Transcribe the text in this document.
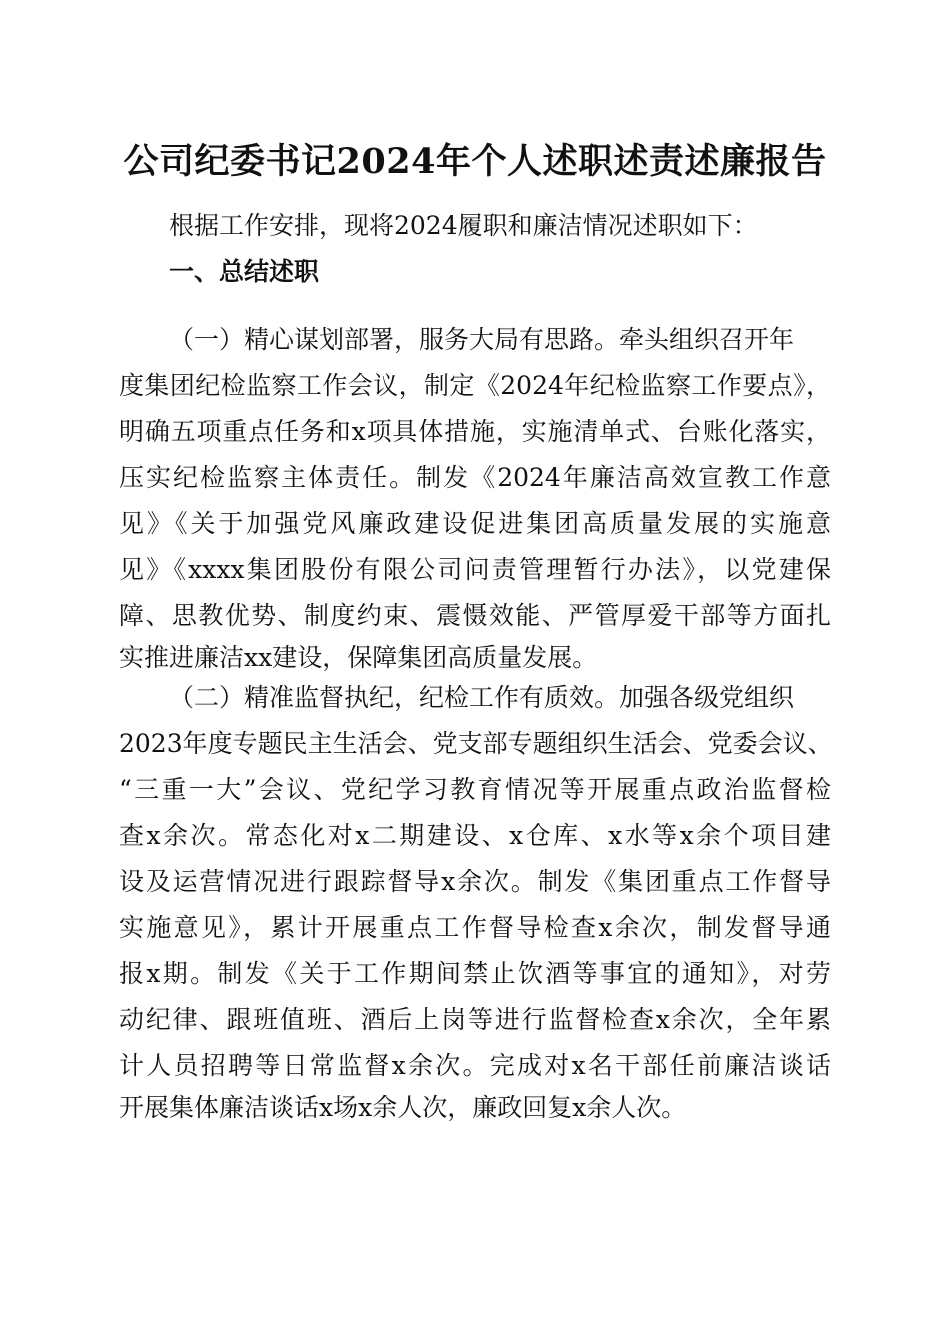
公司纪委书记2024年个人述职述责述廉报告
根据工作安排，现将2024履职和廉洁情况述职如下：
一、总结述职
（一）精心谋划部署，服务大局有思路。牵头组织召开年
度集团纪检监察工作会议，制定《2024年纪检监察工作要点》，
明确五项重点任务和x项具体措施，实施清单式、台账化落实，
压实纪检监察主体责任。制发《2024年廉洁高效宣教工作意
见》《关于加强党风廉政建设促进集团高质量发展的实施意
见》《xxxx集团股份有限公司问责管理暂行办法》，以党建保
障、思教优势、制度约束、震慑效能、严管厚爱干部等方面扎
实推进廉洁xx建设，保障集团高质量发展。
（二）精准监督执纪，纪检工作有质效。加强各级党组织
2023年度专题民主生活会、党支部专题组织生活会、党委会议、
“三重一大”会议、党纪学习教育情况等开展重点政治监督检
查x余次。常态化对x二期建设、x仓库、x水等x余个项目建
设及运营情况进行跟踪督导x余次。制发《集团重点工作督导
实施意见》，累计开展重点工作督导检查x余次，制发督导通
报x期。制发《关于工作期间禁止饮酒等事宜的通知》，对劳
动纪律、跟班值班、酒后上岗等进行监督检查x余次，全年累
计人员招聘等日常监督x余次。完成对x名干部任前廉洁谈话
开展集体廉洁谈话x场x余人次，廉政回复x余人次。
